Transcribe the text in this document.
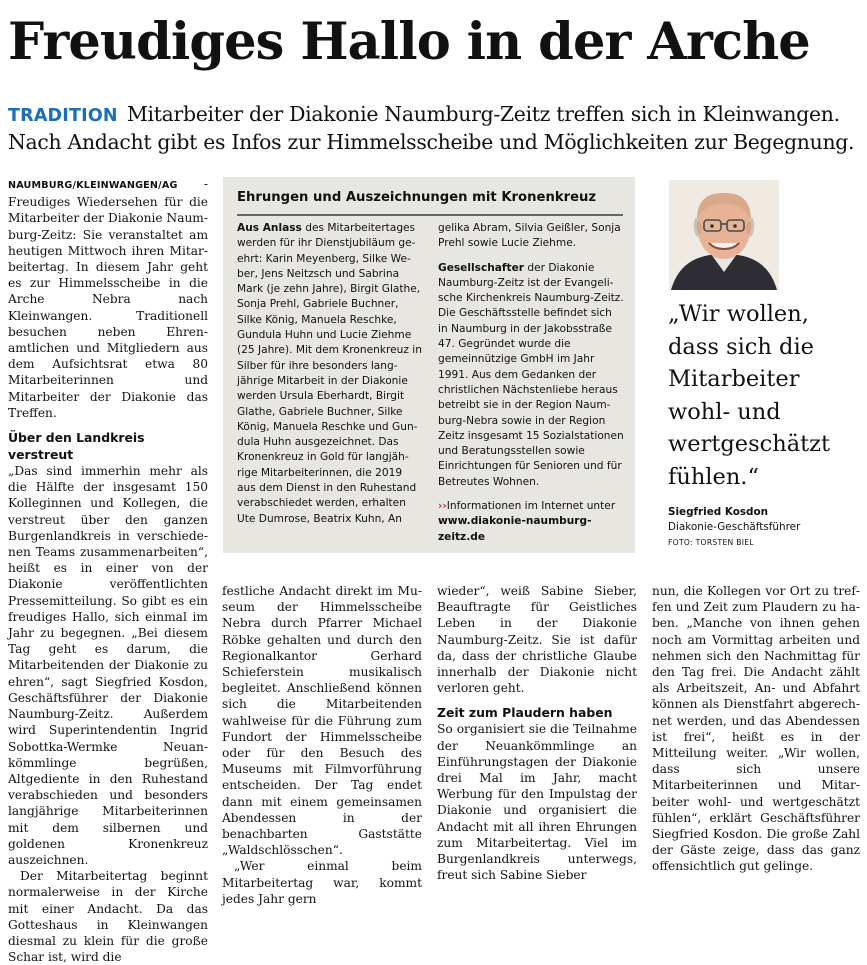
Freudiges Hallo in der Arche
TRADITION Mitarbeiter der Diakonie Naumburg-Zeitz treffen sich in Kleinwangen.
Nach Andacht gibt es Infos zur Himmelsscheibe und Möglichkeiten zur Begegnung.

NAUMBURG/KLEINWANGEN/AG - Freudiges Wiedersehen für die Mitarbeiter der Diakonie Naumburg-Zeitz: Sie veranstaltet am heutigen Mittwoch ihren Mitarbeitertag. In diesem Jahr geht es zur Himmelsscheibe in die Arche Nebra nach Kleinwangen. Traditionell besuchen neben Ehrenamtlichen und Mitgliedern aus dem Aufsichtsrat etwa 80 Mitarbeiterinnen und Mitarbeiter der Diakonie das Treffen.

Über den Landkreis verstreut

„Das sind immerhin mehr als die Hälfte der insgesamt 150 Kolleginnen und Kollegen, die verstreut über den ganzen Burgenlandkreis in verschiedenen Teams zusammenarbeiten“, heißt es in einer von der Diakonie veröffentlichten Pressemitteilung. So gibt es ein freudiges Hallo, sich einmal im Jahr zu begegnen. „Bei diesem Tag geht es darum, die Mitarbeitenden der Diakonie zu ehren“, sagt Siegfried Kosdon, Geschäftsführer der Diakonie Naumburg-Zeitz. Außerdem wird Superintendentin Ingrid Sobottka-Wermke Neuankömmlinge begrüßen, Altgediente in den Ruhestand verabschieden und besonders langjährige Mitarbeiterinnen mit dem silbernen und goldenen Kronenkreuz auszeichnen.

Der Mitarbeitertag beginnt normalerweise in der Kirche mit einer Andacht. Da das Gotteshaus in Kleinwangen diesmal zu klein für die große Schar ist, wird die

Ehrungen und Auszeichnungen mit Kronenkreuz

Aus Anlass des Mitarbeitertages werden für ihr Dienstjubiläum geehrt: Karin Meyenberg, Silke Weber, Jens Neitzsch und Sabrina Mark (je zehn Jahre), Birgit Glathe, Sonja Prehl, Gabriele Buchner, Silke König, Manuela Reschke, Gundula Huhn und Lucie Ziehme (25 Jahre). Mit dem Kronenkreuz in Silber für ihre besonders langjährige Mitarbeit in der Diakonie werden Ursula Eberhardt, Birgit Glathe, Gabriele Buchner, Silke König, Manuela Reschke und Gundula Huhn ausgezeichnet. Das Kronenkreuz in Gold für langjährige Mitarbeiterinnen, die 2019 aus dem Dienst in den Ruhestand verabschiedet werden, erhalten Ute Dumrose, Beatrix Kuhn, An

gelika Abram, Silvia Geißler, Sonja Prehl sowie Lucie Ziehme.

Gesellschafter der Diakonie Naumburg-Zeitz ist der Evangelische Kirchenkreis Naumburg-Zeitz. Die Geschäftsstelle befindet sich in Naumburg in der Jakobsstraße 47. Gegründet wurde die gemeinnützige GmbH im Jahr 1991. Aus dem Gedanken der christlichen Nächstenliebe heraus betreibt sie in der Region Naumburg-Nebra sowie in der Region Zeitz insgesamt 15 Sozialstationen und Beratungsstellen sowie Einrichtungen für Senioren und für Betreutes Wohnen.

››Informationen im Internet unter
www.diakonie-naumburg-zeitz.de

„Wir wollen,
dass sich die
Mitarbeiter
wohl- und
wertgeschätzt
fühlen.“
Siegfried Kosdon
Diakonie-Geschäftsführer
FOTO: TORSTEN BIEL

festliche Andacht direkt im Museum der Himmelsscheibe Nebra durch Pfarrer Michael Röbke gehalten und durch den Regionalkantor Gerhard Schieferstein musikalisch begleitet. Anschließend können sich die Mitarbeitenden wahlweise für die Führung zum Fundort der Himmelsscheibe oder für den Besuch des Museums mit Filmvorführung entscheiden. Der Tag endet dann mit einem gemeinsamen Abendessen in der benachbarten Gaststätte „Waldschlösschen“.

„Wer einmal beim Mitarbeitertag war, kommt jedes Jahr gern

wieder“, weiß Sabine Sieber, Beauftragte für Geistliches Leben in der Diakonie Naumburg-Zeitz. Sie ist dafür da, dass der christliche Glaube innerhalb der Diakonie nicht verloren geht.

Zeit zum Plaudern haben

So organisiert sie die Teilnahme der Neuankömmlinge an Einführungstagen der Diakonie drei Mal im Jahr, macht Werbung für den Impulstag der Diakonie und organisiert die Andacht mit all ihren Ehrungen zum Mitarbeitertag. Viel im Burgenlandkreis unterwegs, freut sich Sabine Sieber

nun, die Kollegen vor Ort zu treffen und Zeit zum Plaudern zu haben. „Manche von ihnen gehen noch am Vormittag arbeiten und nehmen sich den Nachmittag für den Tag frei. Die Andacht zählt als Arbeitszeit, An- und Abfahrt können als Dienstfahrt abgerechnet werden, und das Abendessen ist frei“, heißt es in der Mitteilung weiter. „Wir wollen, dass sich unsere Mitarbeiterinnen und Mitarbeiter wohl- und wertgeschätzt fühlen“, erklärt Geschäftsführer Siegfried Kosdon. Die große Zahl der Gäste zeige, dass das ganz offensichtlich gut gelinge.
